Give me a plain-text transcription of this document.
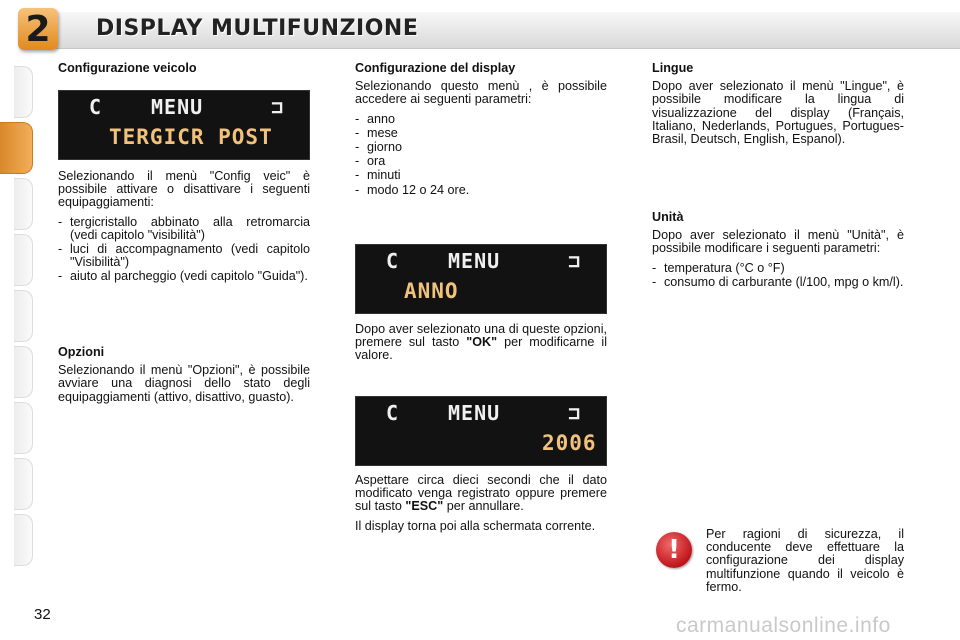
2	DISPLAY MULTIFUNZIONE
Configurazione veicolo
C MENU	⊐
TERGICR POST

Selezionando il menù "Config veic" è possibile attivare o disattivare i seguenti equipaggiamenti:

- tergicristallo abbinato alla retromarcia (vedi capitolo "visibilità")
- luci di accompagnamento (vedi capitolo "Visibilità")
- aiuto al parcheggio (vedi capitolo "Guida").
Opzioni

Selezionando il menù "Opzioni", è possibile avviare una diagnosi dello stato degli equipaggiamenti (attivo, disattivo, guasto).

Configurazione del display

Selezionando questo menù , è possibile accedere ai seguenti parametri:

- anno
- mese
- giorno
- ora
- minuti
- modo 12 o 24 ore.
C MENU	⊐
ANNO

Dopo aver selezionato una di queste opzioni, premere sul tasto "OK" per modificarne il valore.

C MENU	⊐
2006

Aspettare circa dieci secondi che il dato modificato venga registrato oppure premere sul tasto "ESC" per annullare.

Il display torna poi alla schermata corrente.

Lingue

Dopo aver selezionato il menù "Lingue", è possibile modificare la lingua di visualizzazione del display (Français, Italiano, Nederlands, Portugues, Portugues-Brasil, Deutsch, English, Espanol).

Unità

Dopo aver selezionato il menù "Unità", è possibile modificare i seguenti parametri:

- temperatura (°C o °F)
- consumo di carburante (l/100, mpg o km/l).
!
Per ragioni di sicurezza, il conducente deve effettuare la configurazione dei display multifunzione quando il veicolo è fermo.
32	carmanualsonline.info
